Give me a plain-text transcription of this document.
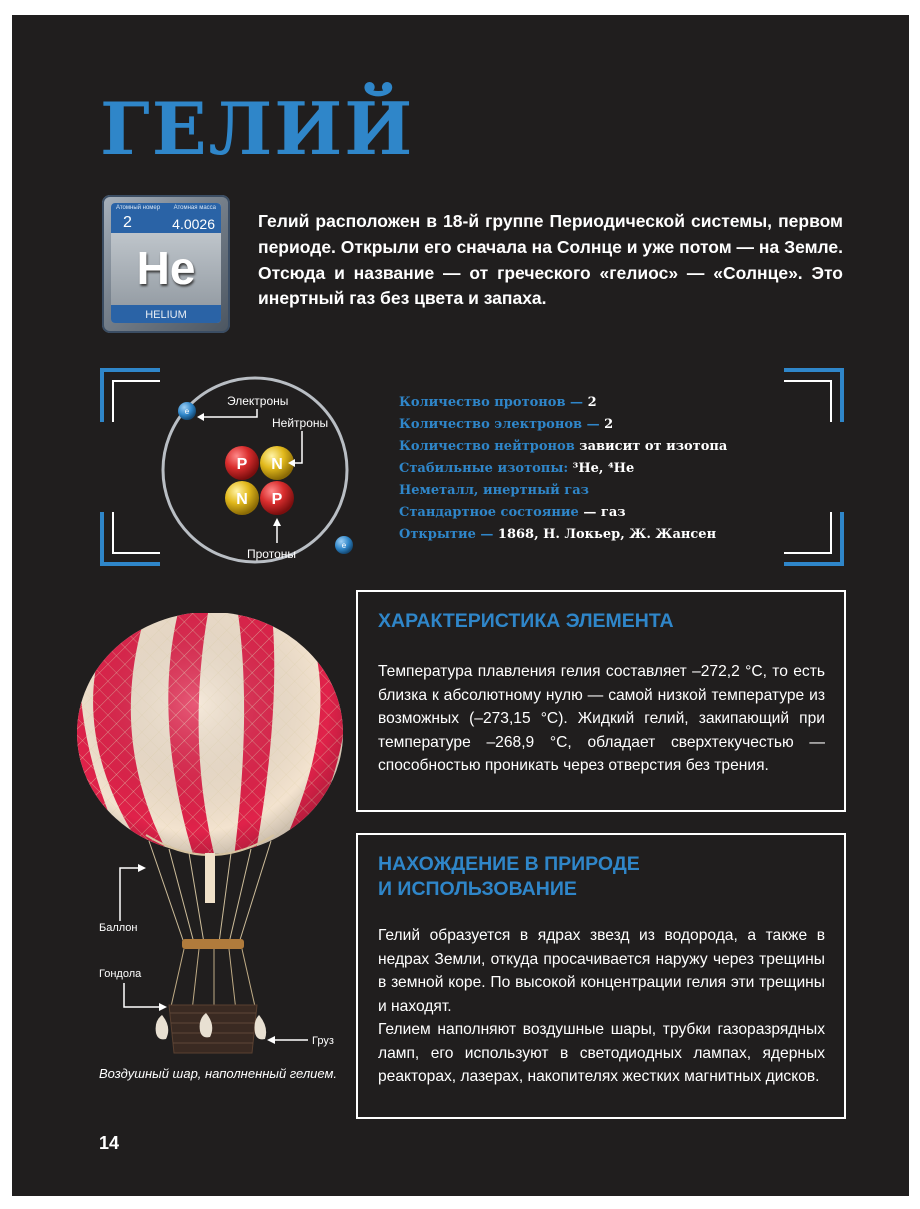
ГЕЛИЙ
Атомный номер Атомная масса
2	4.0026
He
HELIUM

Гелий расположен в 18-й группе Периодической системы, первом периоде. Открыли его сначала на Солнце и уже потом — на Земле. Отсюда и название — от греческого «гелиос» — «Солнце». Это инертный газ без цвета и запаха.

e
e
P N
N P
Электроны
Нейтроны
Протоны
Количество протонов — 2
Количество электронов — 2
Количество нейтронов зависит от изотопа
Стабильные изотопы: ³He, ⁴He
Неметалл, инертный газ
Стандартное состояние — газ
Открытие — 1868, Н. Локьер, Ж. Жансен
Баллон
Гондола
Груз

Воздушный шар, наполненный гелием.

ХАРАКТЕРИСТИКА ЭЛЕМЕНТА

Температура плавления гелия составляет –272,2 °С, то есть близка к абсолютному нулю — самой низкой температуре из возможных (–273,15 °С). Жидкий гелий, закипающий при температуре –268,9 °С, обладает сверхтекучестью — способностью проникать через отверстия без трения.

НАХОЖДЕНИЕ В ПРИРОДЕ
И ИСПОЛЬЗОВАНИЕ

Гелий образуется в ядрах звезд из водорода, а также в недрах Земли, откуда просачивается наружу через трещины в земной коре. По высокой концентрации гелия эти трещины и находят.

Гелием наполняют воздушные шары, трубки газоразрядных ламп, его используют в светодиодных лампах, ядерных реакторах, лазерах, накопителях жестких магнитных дисков.

14
